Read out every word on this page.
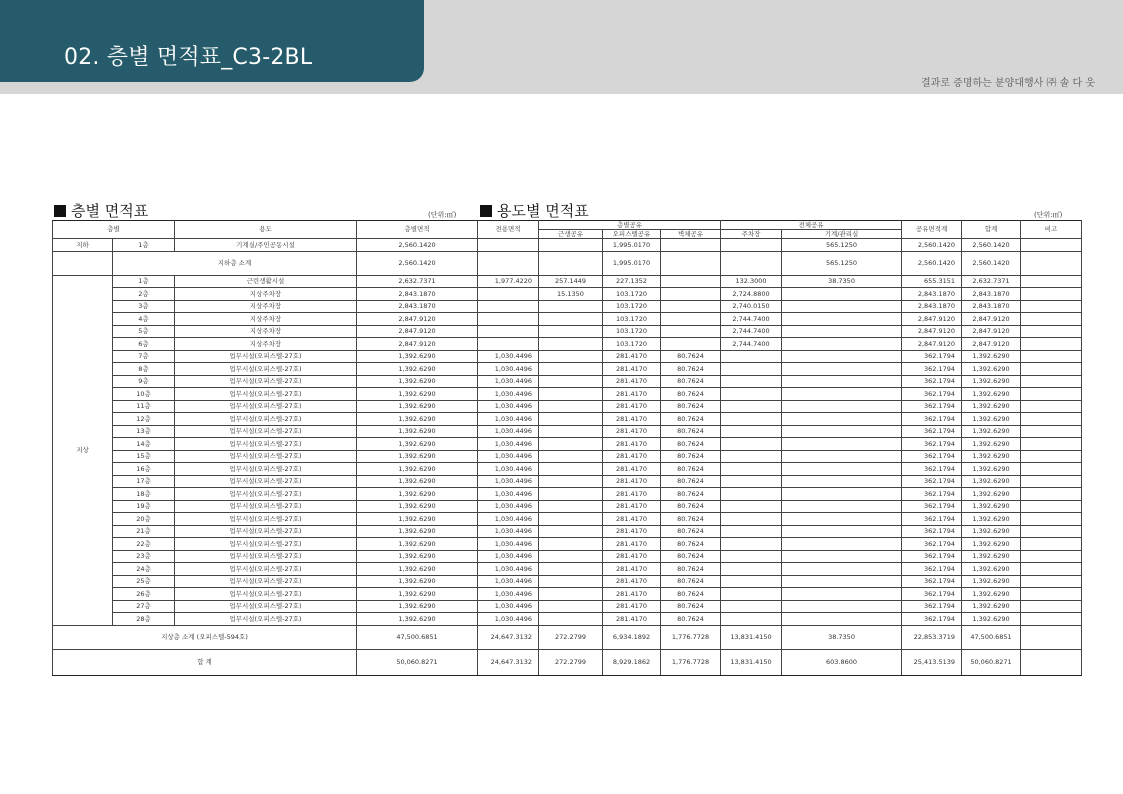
02. 층별 면적표_C3-2BL
결과로 증명하는 분양대행사 ㈜ 솔 다 웃
층별 면적표	(단위:㎡)	용도별 면적표	(단위:㎡)
층별		용도	층별면적	전용면적	층별공유			전체공유		공유면적계	합계	비고
					근생공유	오피스텔공유	벽체공유	주차장	기계/관리실			
지하	1층	기계실/주민공동시설	2,560.1420			1,995.0170			565.1250	2,560.1420	2,560.1420	
	지하층 소계		2,560.1420			1,995.0170			565.1250	2,560.1420	2,560.1420	
지상	1층	근린생활시설	2,632.7371	1,977.4220	257.1449	227.1352		132.3000	38.7350	655.3151	2,632.7371	
	2층	지상주차장	2,843.1870		15.1350	103.1720		2,724.8800		2,843.1870	2,843.1870	
	3층	지상주차장	2,843.1870			103.1720		2,740.0150		2,843.1870	2,843.1870	
	4층	지상주차장	2,847.9120			103.1720		2,744.7400		2,847.9120	2,847.9120	
	5층	지상주차장	2,847.9120			103.1720		2,744.7400		2,847.9120	2,847.9120	
	6층	지상주차장	2,847.9120			103.1720		2,744.7400		2,847.9120	2,847.9120	
	7층	업무시설(오피스텔-27호)	1,392.6290	1,030.4496		281.4170	80.7624			362.1794	1,392.6290	
	8층	업무시설(오피스텔-27호)	1,392.6290	1,030.4496		281.4170	80.7624			362.1794	1,392.6290	
	9층	업무시설(오피스텔-27호)	1,392.6290	1,030.4496		281.4170	80.7624			362.1794	1,392.6290	
	10층	업무시설(오피스텔-27호)	1,392.6290	1,030.4496		281.4170	80.7624			362.1794	1,392.6290	
	11층	업무시설(오피스텔-27호)	1,392.6290	1,030.4496		281.4170	80.7624			362.1794	1,392.6290	
	12층	업무시설(오피스텔-27호)	1,392.6290	1,030.4496		281.4170	80.7624			362.1794	1,392.6290	
	13층	업무시설(오피스텔-27호)	1,392.6290	1,030.4496		281.4170	80.7624			362.1794	1,392.6290	
	14층	업무시설(오피스텔-27호)	1,392.6290	1,030.4496		281.4170	80.7624			362.1794	1,392.6290	
	15층	업무시설(오피스텔-27호)	1,392.6290	1,030.4496		281.4170	80.7624			362.1794	1,392.6290	
	16층	업무시설(오피스텔-27호)	1,392.6290	1,030.4496		281.4170	80.7624			362.1794	1,392.6290	
	17층	업무시설(오피스텔-27호)	1,392.6290	1,030.4496		281.4170	80.7624			362.1794	1,392.6290	
	18층	업무시설(오피스텔-27호)	1,392.6290	1,030.4496		281.4170	80.7624			362.1794	1,392.6290	
	19층	업무시설(오피스텔-27호)	1,392.6290	1,030.4496		281.4170	80.7624			362.1794	1,392.6290	
	20층	업무시설(오피스텔-27호)	1,392.6290	1,030.4496		281.4170	80.7624			362.1794	1,392.6290	
	21층	업무시설(오피스텔-27호)	1,392.6290	1,030.4496		281.4170	80.7624			362.1794	1,392.6290	
	22층	업무시설(오피스텔-27호)	1,392.6290	1,030.4496		281.4170	80.7624			362.1794	1,392.6290	
	23층	업무시설(오피스텔-27호)	1,392.6290	1,030.4496		281.4170	80.7624			362.1794	1,392.6290	
	24층	업무시설(오피스텔-27호)	1,392.6290	1,030.4496		281.4170	80.7624			362.1794	1,392.6290	
	25층	업무시설(오피스텔-27호)	1,392.6290	1,030.4496		281.4170	80.7624			362.1794	1,392.6290	
	26층	업무시설(오피스텔-27호)	1,392.6290	1,030.4496		281.4170	80.7624			362.1794	1,392.6290	
	27층	업무시설(오피스텔-27호)	1,392.6290	1,030.4496		281.4170	80.7624			362.1794	1,392.6290	
	28층	업무시설(오피스텔-27호)	1,392.6290	1,030.4496		281.4170	80.7624			362.1794	1,392.6290	
지상층 소계 (오피스텔-594호)			47,500.6851	24,647.3132	272.2799	6,934.1892	1,776.7728	13,831.4150	38.7350	22,853.3719	47,500.6851	
합 계			50,060.8271	24,647.3132	272.2799	8,929.1862	1,776.7728	13,831.4150	603.8600	25,413.5139	50,060.8271	
